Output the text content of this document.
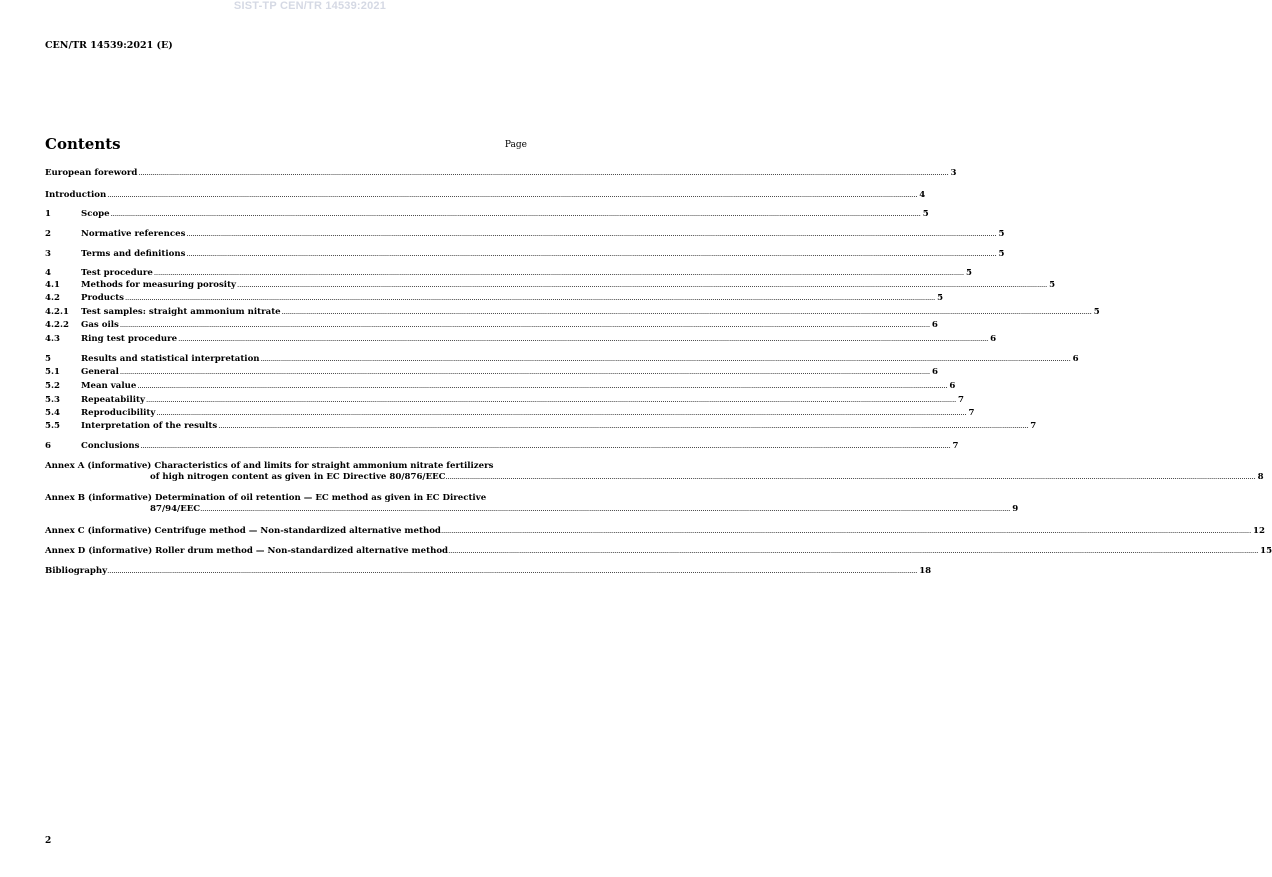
SIST-TP CEN/TR 14539:2021
CEN/TR 14539:2021 (E)
Contents	Page
European foreword ................................................................................................................................................................................................................................................................................................................................................................................................................ 3
Introduction ................................................................................................................................................................................................................................................................................................................................................................................................................ 4
1	Scope ................................................................................................................................................................................................................................................................................................................................................................................................................ 5
2	Normative references ................................................................................................................................................................................................................................................................................................................................................................................................................ 5
3	Terms and definitions ................................................................................................................................................................................................................................................................................................................................................................................................................ 5
4	Test procedure ................................................................................................................................................................................................................................................................................................................................................................................................................ 5
4.1 Methods for measuring porosity ................................................................................................................................................................................................................................................................................................................................................................................................................ 5
4.2 Products ................................................................................................................................................................................................................................................................................................................................................................................................................ 5
4.2.1 Test samples: straight ammonium nitrate ................................................................................................................................................................................................................................................................................................................................................................................................................ 5
4.2.2 Gas oils ................................................................................................................................................................................................................................................................................................................................................................................................................ 6
4.3 Ring test procedure ................................................................................................................................................................................................................................................................................................................................................................................................................ 6
5	Results and statistical interpretation ................................................................................................................................................................................................................................................................................................................................................................................................................ 6
5.1 General ................................................................................................................................................................................................................................................................................................................................................................................................................ 6
5.2 Mean value ................................................................................................................................................................................................................................................................................................................................................................................................................ 6
5.3 Repeatability ................................................................................................................................................................................................................................................................................................................................................................................................................ 7
5.4 Reproducibility ................................................................................................................................................................................................................................................................................................................................................................................................................ 7
5.5 Interpretation of the results ................................................................................................................................................................................................................................................................................................................................................................................................................ 7
6	Conclusions ................................................................................................................................................................................................................................................................................................................................................................................................................ 7
Annex A (informative) Characteristics of and limits for straight ammonium nitrate fertilizers
of high nitrogen content as given in EC Directive 80/876/EEC ................................................................................................................................................................................................................................................................................................................................................................................................................ 8
Annex B (informative) Determination of oil retention — EC method as given in EC Directive
87/94/EEC ................................................................................................................................................................................................................................................................................................................................................................................................................ 9
Annex C (informative) Centrifuge method — Non-standardized alternative method ................................................................................................................................................................................................................................................................................................................................................................................................................ 12
Annex D (informative) Roller drum method — Non-standardized alternative method ................................................................................................................................................................................................................................................................................................................................................................................................................ 15
Bibliography ................................................................................................................................................................................................................................................................................................................................................................................................................ 18
2
